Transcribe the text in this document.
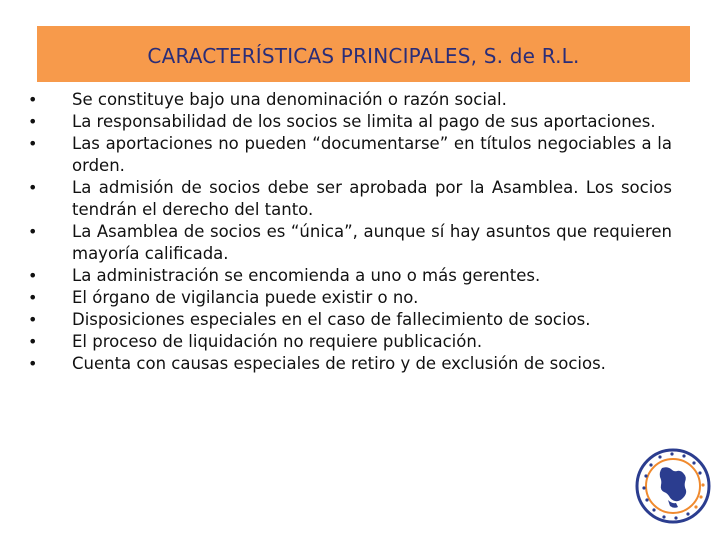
CARACTERÍSTICAS PRINCIPALES, S. de R.L.
•	Se constituye bajo una denominación o razón social.
•	La responsabilidad de los socios se limita al pago de sus aportaciones.
•	Las aportaciones no pueden “documentarse” en títulos negociables a la orden.
•	La admisión de socios debe ser aprobada por la Asamblea. Los socios tendrán el derecho del tanto.
•	La Asamblea de socios es “única”, aunque sí hay asuntos que requieren mayoría calificada.
•	La administración se encomienda a uno o más gerentes.
•	El órgano de vigilancia puede existir o no.
•	Disposiciones especiales en el caso de fallecimiento de socios.
•	El proceso de liquidación no requiere publicación.
•	Cuenta con causas especiales de retiro y de exclusión de socios.
